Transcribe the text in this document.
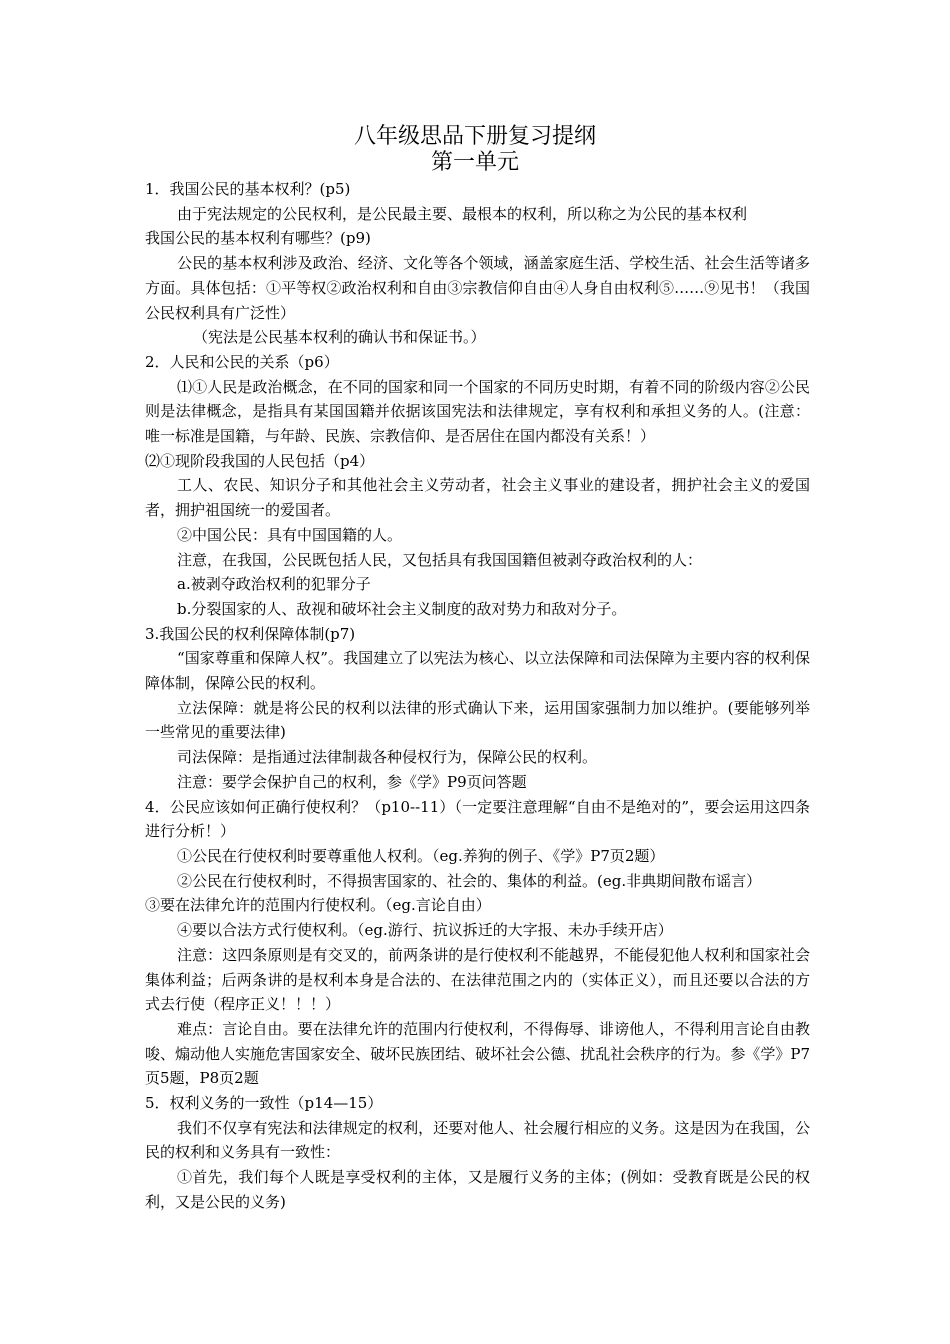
八年级思品下册复习提纲
第一单元

1．我国公民的基本权利？(p5)

由于宪法规定的公民权利，是公民最主要、最根本的权利，所以称之为公民的基本权利

我国公民的基本权利有哪些？(p9)

公民的基本权利涉及政治、经济、文化等各个领域，涵盖家庭生活、学校生活、社会生活等诸多方面。具体包括：①平等权②政治权利和自由③宗教信仰自由④人身自由权利⑤……⑨见书！（我国公民权利具有广泛性）

（宪法是公民基本权利的确认书和保证书。）

2．人民和公民的关系（p6）

⑴①人民是政治概念，在不同的国家和同一个国家的不同历史时期，有着不同的阶级内容②公民则是法律概念，是指具有某国国籍并依据该国宪法和法律规定，享有权利和承担义务的人。(注意：唯一标准是国籍，与年龄、民族、宗教信仰、是否居住在国内都没有关系！）

⑵①现阶段我国的人民包括（p4）

工人、农民、知识分子和其他社会主义劳动者，社会主义事业的建设者，拥护社会主义的爱国者，拥护祖国统一的爱国者。

②中国公民：具有中国国籍的人。

注意，在我国，公民既包括人民，又包括具有我国国籍但被剥夺政治权利的人：

a.被剥夺政治权利的犯罪分子

b.分裂国家的人、敌视和破坏社会主义制度的敌对势力和敌对分子。

3.我国公民的权利保障体制(p7)

“国家尊重和保障人权”。我国建立了以宪法为核心、以立法保障和司法保障为主要内容的权利保障体制，保障公民的权利。

立法保障：就是将公民的权利以法律的形式确认下来，运用国家强制力加以维护。(要能够列举一些常见的重要法律)

司法保障：是指通过法律制裁各种侵权行为，保障公民的权利。

注意：要学会保护自己的权利，参《学》P9页问答题

4．公民应该如何正确行使权利？（p10--11）（一定要注意理解“自由不是绝对的”，要会运用这四条进行分析！）

①公民在行使权利时要尊重他人权利。（eg.养狗的例子、《学》P7页2题）

②公民在行使权利时，不得损害国家的、社会的、集体的利益。(eg.非典期间散布谣言）

③要在法律允许的范围内行使权利。（eg.言论自由）

④要以合法方式行使权利。（eg.游行、抗议拆迁的大字报、未办手续开店）

注意：这四条原则是有交叉的，前两条讲的是行使权利不能越界，不能侵犯他人权利和国家社会集体利益；后两条讲的是权利本身是合法的、在法律范围之内的（实体正义），而且还要以合法的方式去行使（程序正义！！！）

难点：言论自由。要在法律允许的范围内行使权利，不得侮辱、诽谤他人，不得利用言论自由教唆、煽动他人实施危害国家安全、破坏民族团结、破坏社会公德、扰乱社会秩序的行为。参《学》P7页5题，P8页2题

5．权利义务的一致性（p14—15）

我们不仅享有宪法和法律规定的权利，还要对他人、社会履行相应的义务。这是因为在我国，公民的权利和义务具有一致性：

①首先，我们每个人既是享受权利的主体，又是履行义务的主体；(例如：受教育既是公民的权利，又是公民的义务)
